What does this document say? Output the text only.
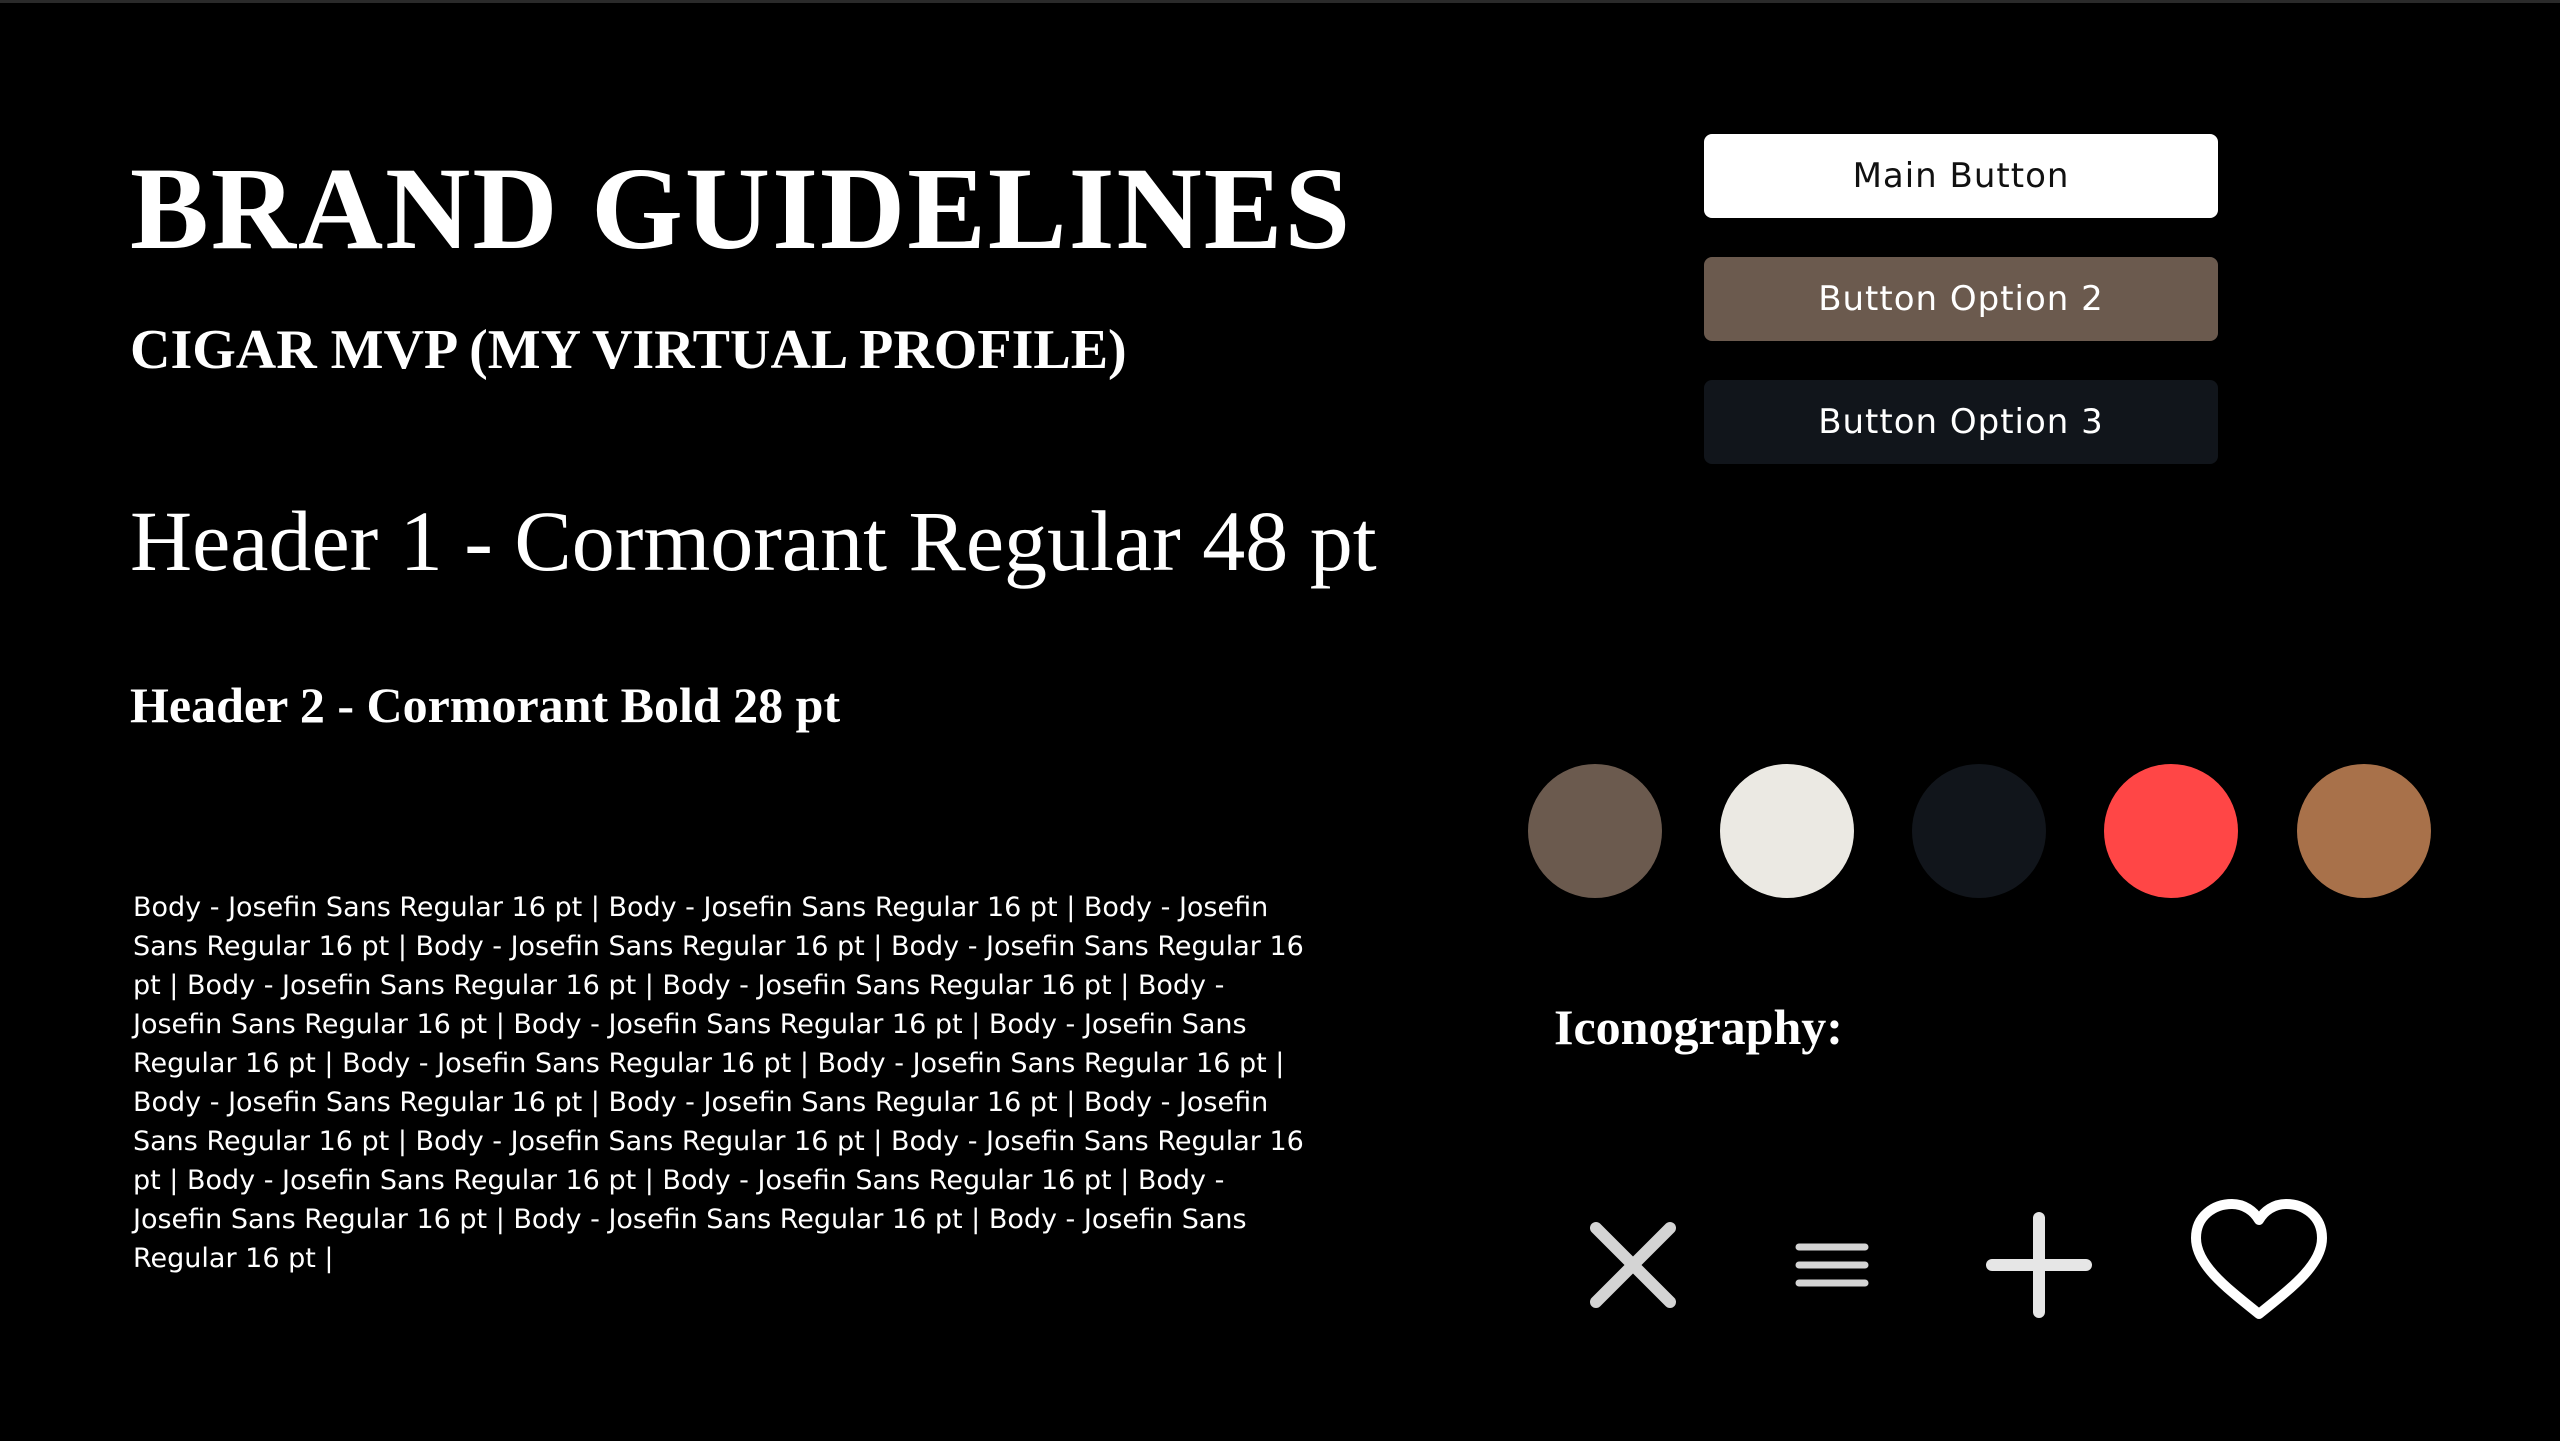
BRAND GUIDELINES
CIGAR MVP (MY VIRTUAL PROFILE)
Header 1 - Cormorant Regular 48 pt
Header 2 - Cormorant Bold 28 pt

Body - Josefin Sans Regular 16 pt | Body - Josefin Sans Regular 16 pt | Body - Josefin Sans Regular 16 pt | Body - Josefin Sans Regular 16 pt | Body - Josefin Sans Regular 16 pt | Body - Josefin Sans Regular 16 pt | Body - Josefin Sans Regular 16 pt | Body - Josefin Sans Regular 16 pt | Body - Josefin Sans Regular 16 pt | Body - Josefin Sans Regular 16 pt | Body - Josefin Sans Regular 16 pt | Body - Josefin Sans Regular 16 pt | Body - Josefin Sans Regular 16 pt | Body - Josefin Sans Regular 16 pt | Body - Josefin Sans Regular 16 pt | Body - Josefin Sans Regular 16 pt | Body - Josefin Sans Regular 16 pt | Body - Josefin Sans Regular 16 pt | Body - Josefin Sans Regular 16 pt | Body - Josefin Sans Regular 16 pt | Body - Josefin Sans Regular 16 pt | Body - Josefin Sans Regular 16 pt |

Main Button
Button Option 2
Button Option 3
Iconography:
